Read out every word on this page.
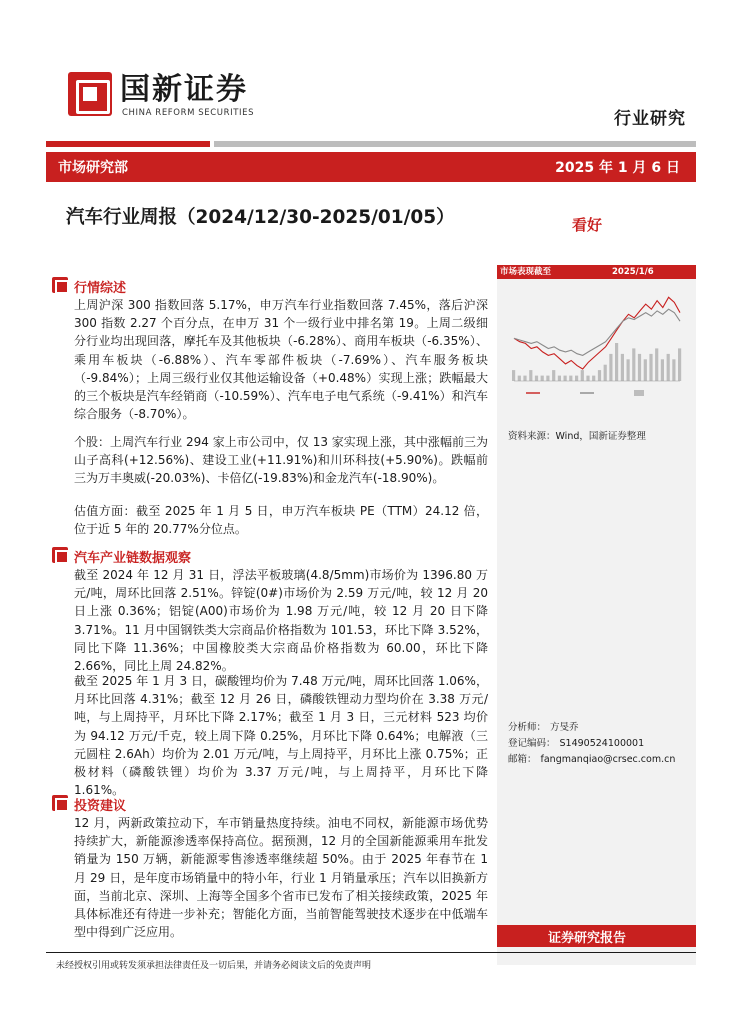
国新证券
CHINA REFORM SECURITIES	行业研究
市场研究部	2025 年 1 月 6 日
汽车行业周报（2024/12/30-2025/01/05）	看好
行情综述

上周沪深 300 指数回落 5.17%，申万汽车行业指数回落 7.45%，落后沪深 300 指数 2.27 个百分点，在申万 31 个一级行业中排名第 19。上周二级细分行业均出现回落，摩托车及其他板块（-6.28%）、商用车板块（-6.35%）、乘用车板块（-6.88%）、汽车零部件板块（-7.69%）、汽车服务板块（-9.84%）；上周三级行业仅其他运输设备（+0.48%）实现上涨；跌幅最大的三个板块是汽车经销商（-10.59%）、汽车电子电气系统（-9.41%）和汽车综合服务（-8.70%）。

个股：上周汽车行业 294 家上市公司中，仅 13 家实现上涨，其中涨幅前三为山子高科(+12.56%)、建设工业(+11.91%)和川环科技(+5.90%)。跌幅前三为万丰奥威(-20.03%)、卡倍亿(-19.83%)和金龙汽车(-18.90%)。

估值方面：截至 2025 年 1 月 5 日，申万汽车板块 PE（TTM）24.12 倍，位于近 5 年的 20.77%分位点。

汽车产业链数据观察

截至 2024 年 12 月 31 日，浮法平板玻璃(4.8/5mm)市场价为 1396.80 万元/吨，周环比回落 2.51%。锌锭(0#)市场价为 2.59 万元/吨，较 12 月 20 日上涨 0.36%；铝锭(A00)市场价为 1.98 万元/吨，较 12 月 20 日下降 3.71%。11 月中国钢铁类大宗商品价格指数为 101.53，环比下降 3.52%，同比下降 11.36%；中国橡胶类大宗商品价格指数为 60.00，环比下降 2.66%，同比上周 24.82%。

截至 2025 年 1 月 3 日，碳酸锂均价为 7.48 万元/吨，周环比回落 1.06%，月环比回落 4.31%；截至 12 月 26 日，磷酸铁锂动力型均价在 3.38 万元/吨，与上周持平，月环比下降 2.17%；截至 1 月 3 日，三元材料 523 均价为 94.12 万元/千克，较上周下降 0.25%，月环比下降 0.64%；电解液（三元圆柱 2.6Ah）均价为 2.01 万元/吨，与上周持平，月环比上涨 0.75%；正极材料（磷酸铁锂）均价为 3.37 万元/吨，与上周持平，月环比下降 1.61%。

投资建议

12 月，两新政策拉动下，车市销量热度持续。油电不同权，新能源市场优势持续扩大，新能源渗透率保持高位。据预测，12 月的全国新能源乘用车批发销量为 150 万辆，新能源零售渗透率继续超 50%。由于 2025 年春节在 1 月 29 日，是年度市场销量中的特小年，行业 1 月销量承压；汽车以旧换新方面，当前北京、深圳、上海等全国多个省市已发布了相关接续政策，2025 年具体标准还有待进一步补充；智能化方面，当前智能驾驶技术逐步在中低端车型中得到广泛应用。

市场表现截至	2025/1/6
资料来源：Wind，国新证券整理
分析师： 方旻乔
登记编码： S1490524100001
邮箱： fangmanqiao@crsec.com.cn
证券研究报告
未经授权引用或转发须承担法律责任及一切后果，并请务必阅读文后的免责声明
